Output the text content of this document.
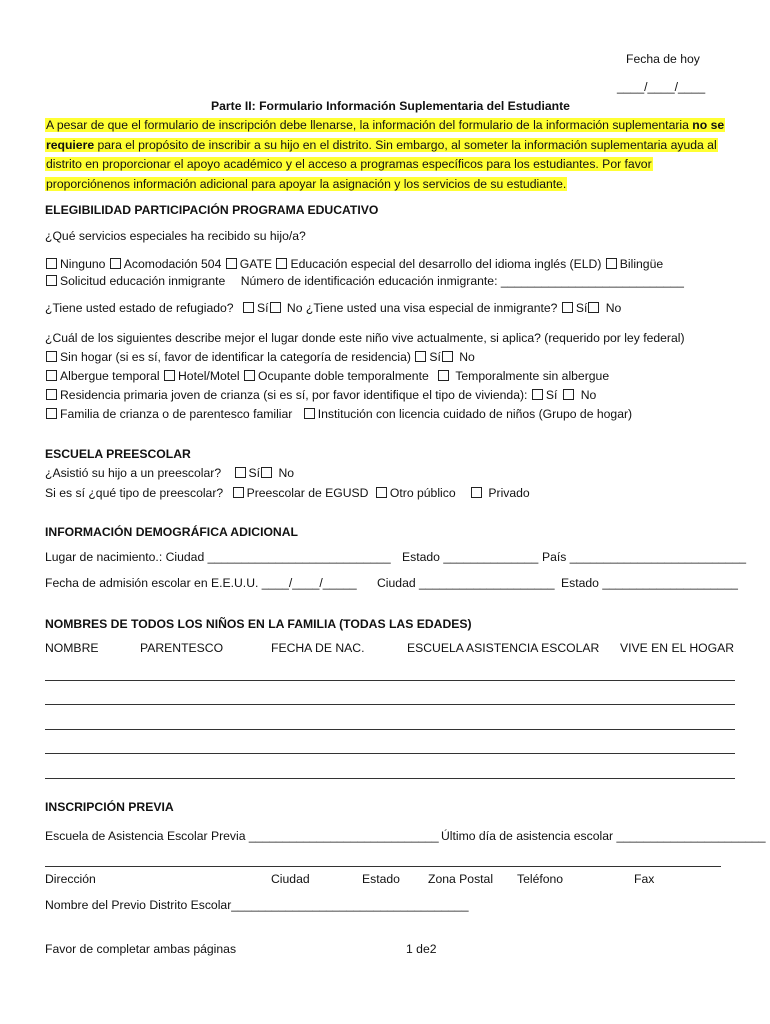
Fecha de hoy
____/____/____
Parte II: Formulario Información Suplementaria del Estudiante
A pesar de que el formulario de inscripción debe llenarse, la información del formulario de la información suplementaria no se requiere para el propósito de inscribir a su hijo en el distrito. Sin embargo, al someter la información suplementaria ayuda al distrito en proporcionar el apoyo académico y el acceso a programas específicos para los estudiantes. Por favor proporciónenos información adicional para apoyar la asignación y los servicios de su estudiante.
ELEGIBILIDAD PARTICIPACIÓN PROGRAMA EDUCATIVO
¿Qué servicios especiales ha recibido su hijo/a?
Ninguno Acomodación 504 GATE Educación especial del desarrollo del idioma inglés (ELD) Bilingüe
Solicitud educación inmigrante Número de identificación educación inmigrante: ___________________________
¿Tiene usted estado de refugiado? Sí No ¿Tiene usted una visa especial de inmigrante? Sí No
¿Cuál de los siguientes describe mejor el lugar donde este niño vive actualmente, si aplica? (requerido por ley federal)
Sin hogar (si es sí, favor de identificar la categoría de residencia) Sí No
Albergue temporal Hotel/Motel Ocupante doble temporalmente Temporalmente sin albergue
Residencia primaria joven de crianza (si es sí, por favor identifique el tipo de vivienda): Sí No
Familia de crianza o de parentesco familiar Institución con licencia cuidado de niños (Grupo de hogar)
ESCUELA PREESCOLAR
¿Asistió su hijo a un preescolar? Sí No
Si es sí ¿qué tipo de preescolar? Preescolar de EGUSD Otro público	Privado
INFORMACIÓN DEMOGRÁFICA ADICIONAL
Lugar de nacimiento.: Ciudad ___________________________ Estado ______________ País __________________________
Fecha de admisión escolar en E.E.U.U. ____/____/_____ Ciudad ____________________ Estado ____________________
NOMBRES DE TODOS LOS NIÑOS EN LA FAMILIA (TODAS LAS EDADES)
NOMBRE	PARENTESCO	FECHA DE NAC.	ESCUELA ASISTENCIA ESCOLAR VIVE EN EL HOGAR
INSCRIPCIÓN PREVIA
Escuela de Asistencia Escolar Previa ____________________________ Último día de asistencia escolar ______________________
Dirección	Ciudad	Estado Zona Postal Teléfono	Fax
Nombre del Previo Distrito Escolar___________________________________
Favor de completar ambas páginas	1 de2
